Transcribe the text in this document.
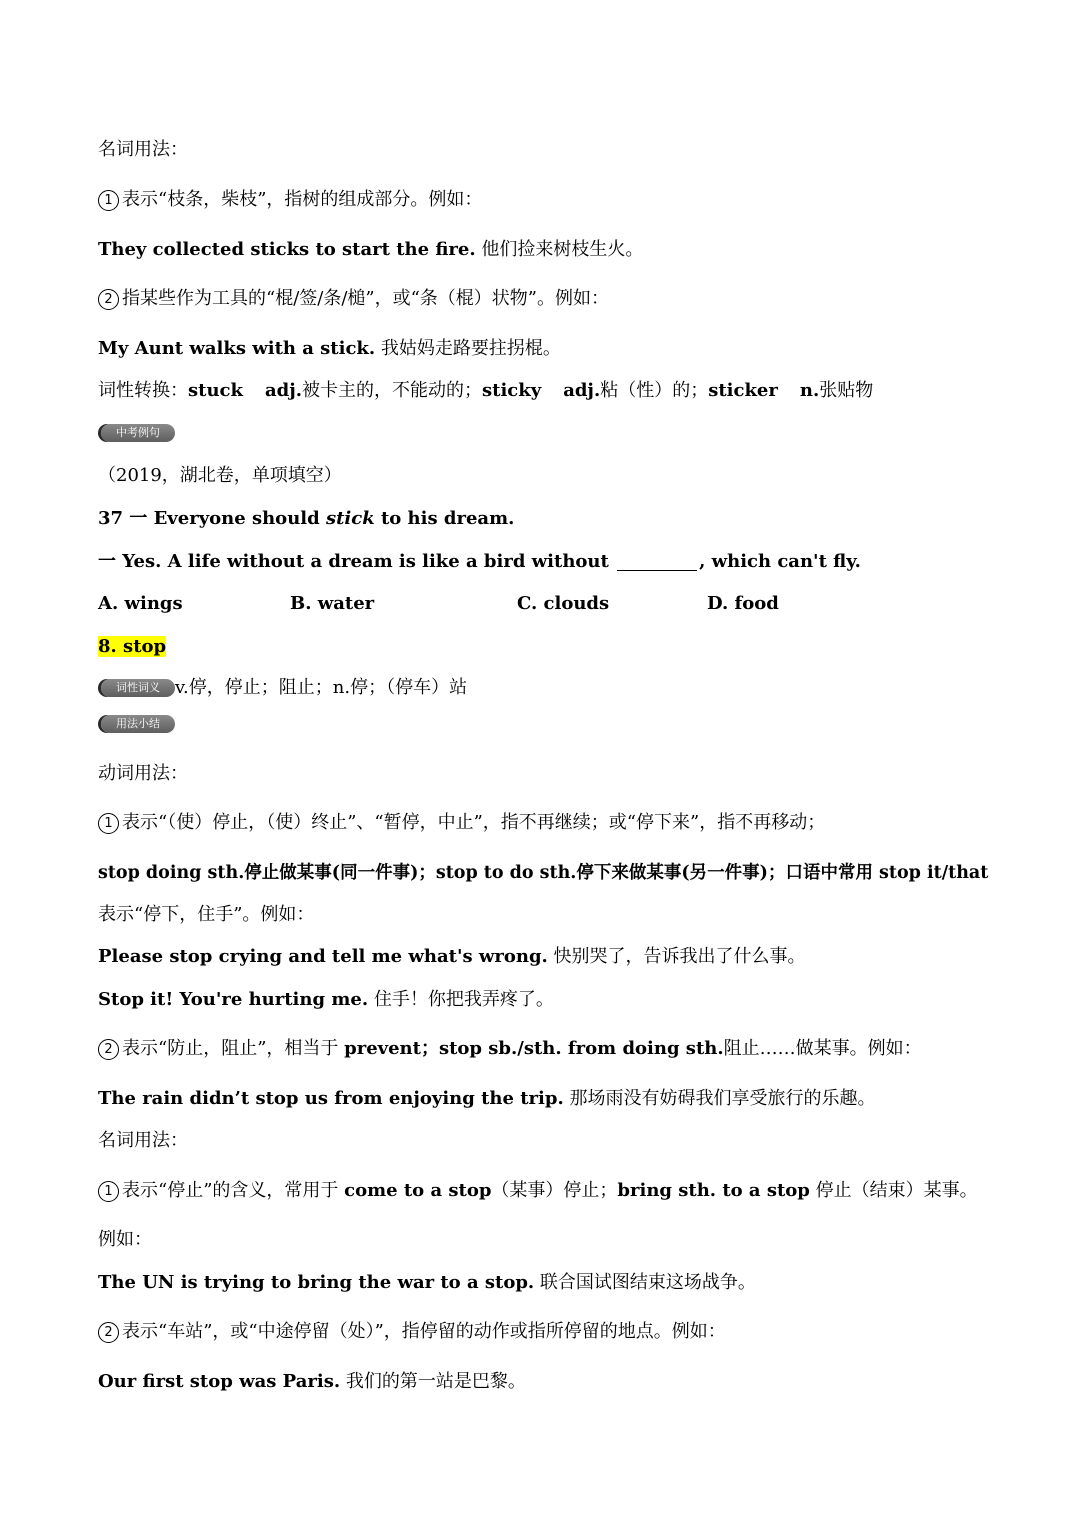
名词用法：
1 表示“枝条，柴枝”，指树的组成部分。例如：
They collected sticks to start the fire. 他们捡来树枝生火。
2 指某些作为工具的“棍/签/条/槌”，或“条（棍）状物”。例如：
My Aunt walks with a stick. 我姑妈走路要拄拐棍。
词性转换：stuck adj.被卡主的，不能动的；sticky adj.粘（性）的；sticker n.张贴物
中考例句
（2019，湖北卷，单项填空）
37 一 Everyone should stick to his dream.
一 Yes. A life without a dream is like a bird without	, which can't fly.
A. wings	B. water	C. clouds	D. food
8. stop
词性词义 v.停，停止；阻止；n.停；（停车）站
用法小结
动词用法：
1 表示“（使）停止，（使）终止”、“暂停，中止”，指不再继续；或“停下来”，指不再移动；
stop doing sth.停止做某事(同一件事)；stop to do sth.停下来做某事(另一件事)；口语中常用 stop it/that
表示“停下，住手”。例如：
Please stop crying and tell me what's wrong. 快别哭了，告诉我出了什么事。
Stop it! You're hurting me. 住手！你把我弄疼了。
2 表示“防止，阻止”，相当于 prevent；stop sb./sth. from doing sth.阻止……做某事。例如：
The rain didn’t stop us from enjoying the trip. 那场雨没有妨碍我们享受旅行的乐趣。
名词用法：
1 表示“停止”的含义，常用于 come to a stop（某事）停止；bring sth. to a stop 停止（结束）某事。
例如：
The UN is trying to bring the war to a stop. 联合国试图结束这场战争。
2 表示“车站”，或“中途停留（处）”，指停留的动作或指所停留的地点。例如：
Our first stop was Paris. 我们的第一站是巴黎。
